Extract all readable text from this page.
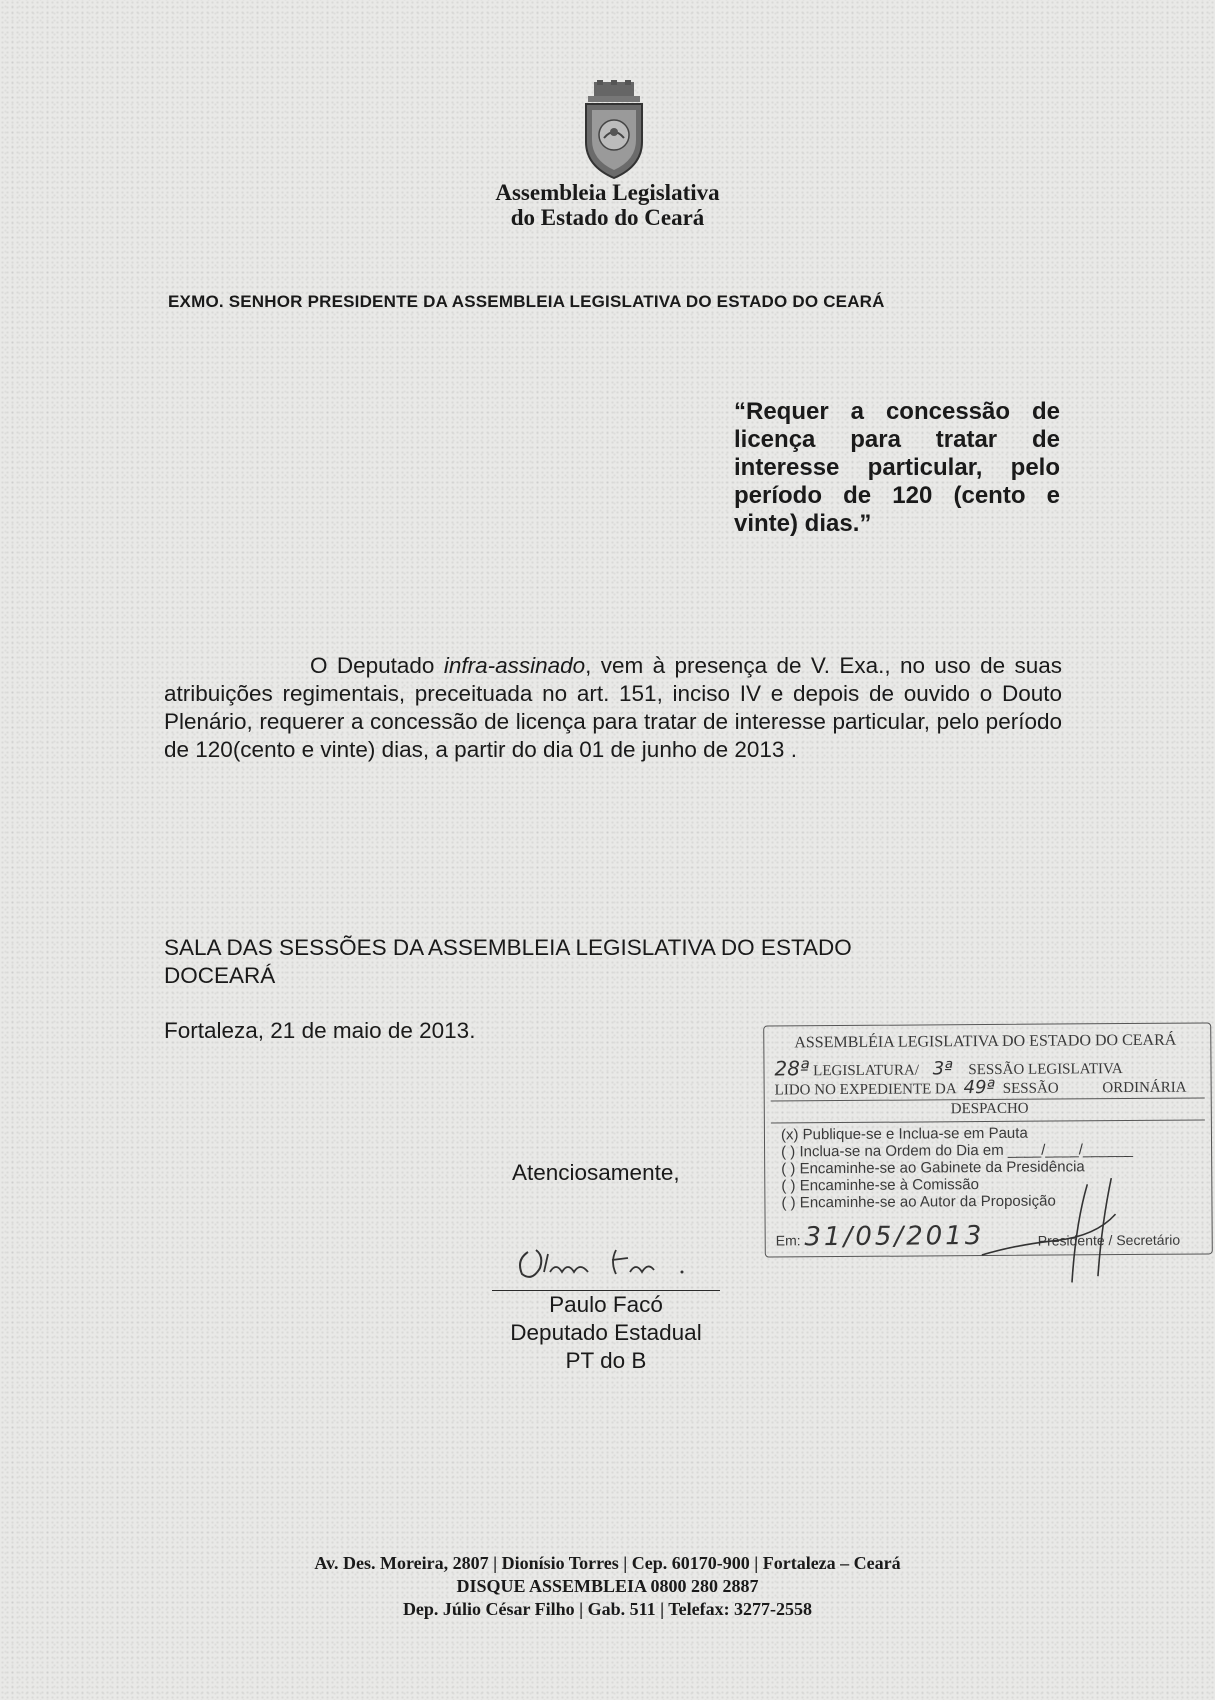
Assembleia Legislativa
do Estado do Ceará
EXMO. SENHOR PRESIDENTE DA ASSEMBLEIA LEGISLATIVA DO ESTADO DO CEARÁ
“Requer a concessão de licença para tratar de interesse particular, pelo período de 120 (cento e vinte) dias.”
O Deputado infra-assinado, vem à presença de V. Exa., no uso de suas atribuições regimentais, preceituada no art. 151, inciso IV e depois de ouvido o Douto Plenário, requerer a concessão de licença para tratar de interesse particular, pelo período de 120(cento e vinte) dias, a partir do dia 01 de junho de 2013 .
SALA DAS SESSÕES DA ASSEMBLEIA LEGISLATIVA DO ESTADO
DOCEARÁ
Fortaleza, 21 de maio de 2013.
Atenciosamente,
Paulo Facó
Deputado Estadual
PT do B
ASSEMBLÉIA LEGISLATIVA DO ESTADO DO CEARÁ
28ª LEGISLATURA/ 3ª SESSÃO LEGISLATIVA
LIDO NO EXPEDIENTE DA 49ª SESSÃO	ORDINÁRIA
DESPACHO
(x) Publique-se e Inclua-se em Pauta
( ) Inclua-se na Ordem do Dia em ____/____/______
( ) Encaminhe-se ao Gabinete da Presidência
( ) Encaminhe-se à Comissão
( ) Encaminhe-se ao Autor da Proposição
Em: 31/05/2013	Presidente / Secretário
Av. Des. Moreira, 2807 | Dionísio Torres | Cep. 60170-900 | Fortaleza – Ceará
DISQUE ASSEMBLEIA 0800 280 2887
Dep. Júlio César Filho | Gab. 511 | Telefax: 3277-2558
